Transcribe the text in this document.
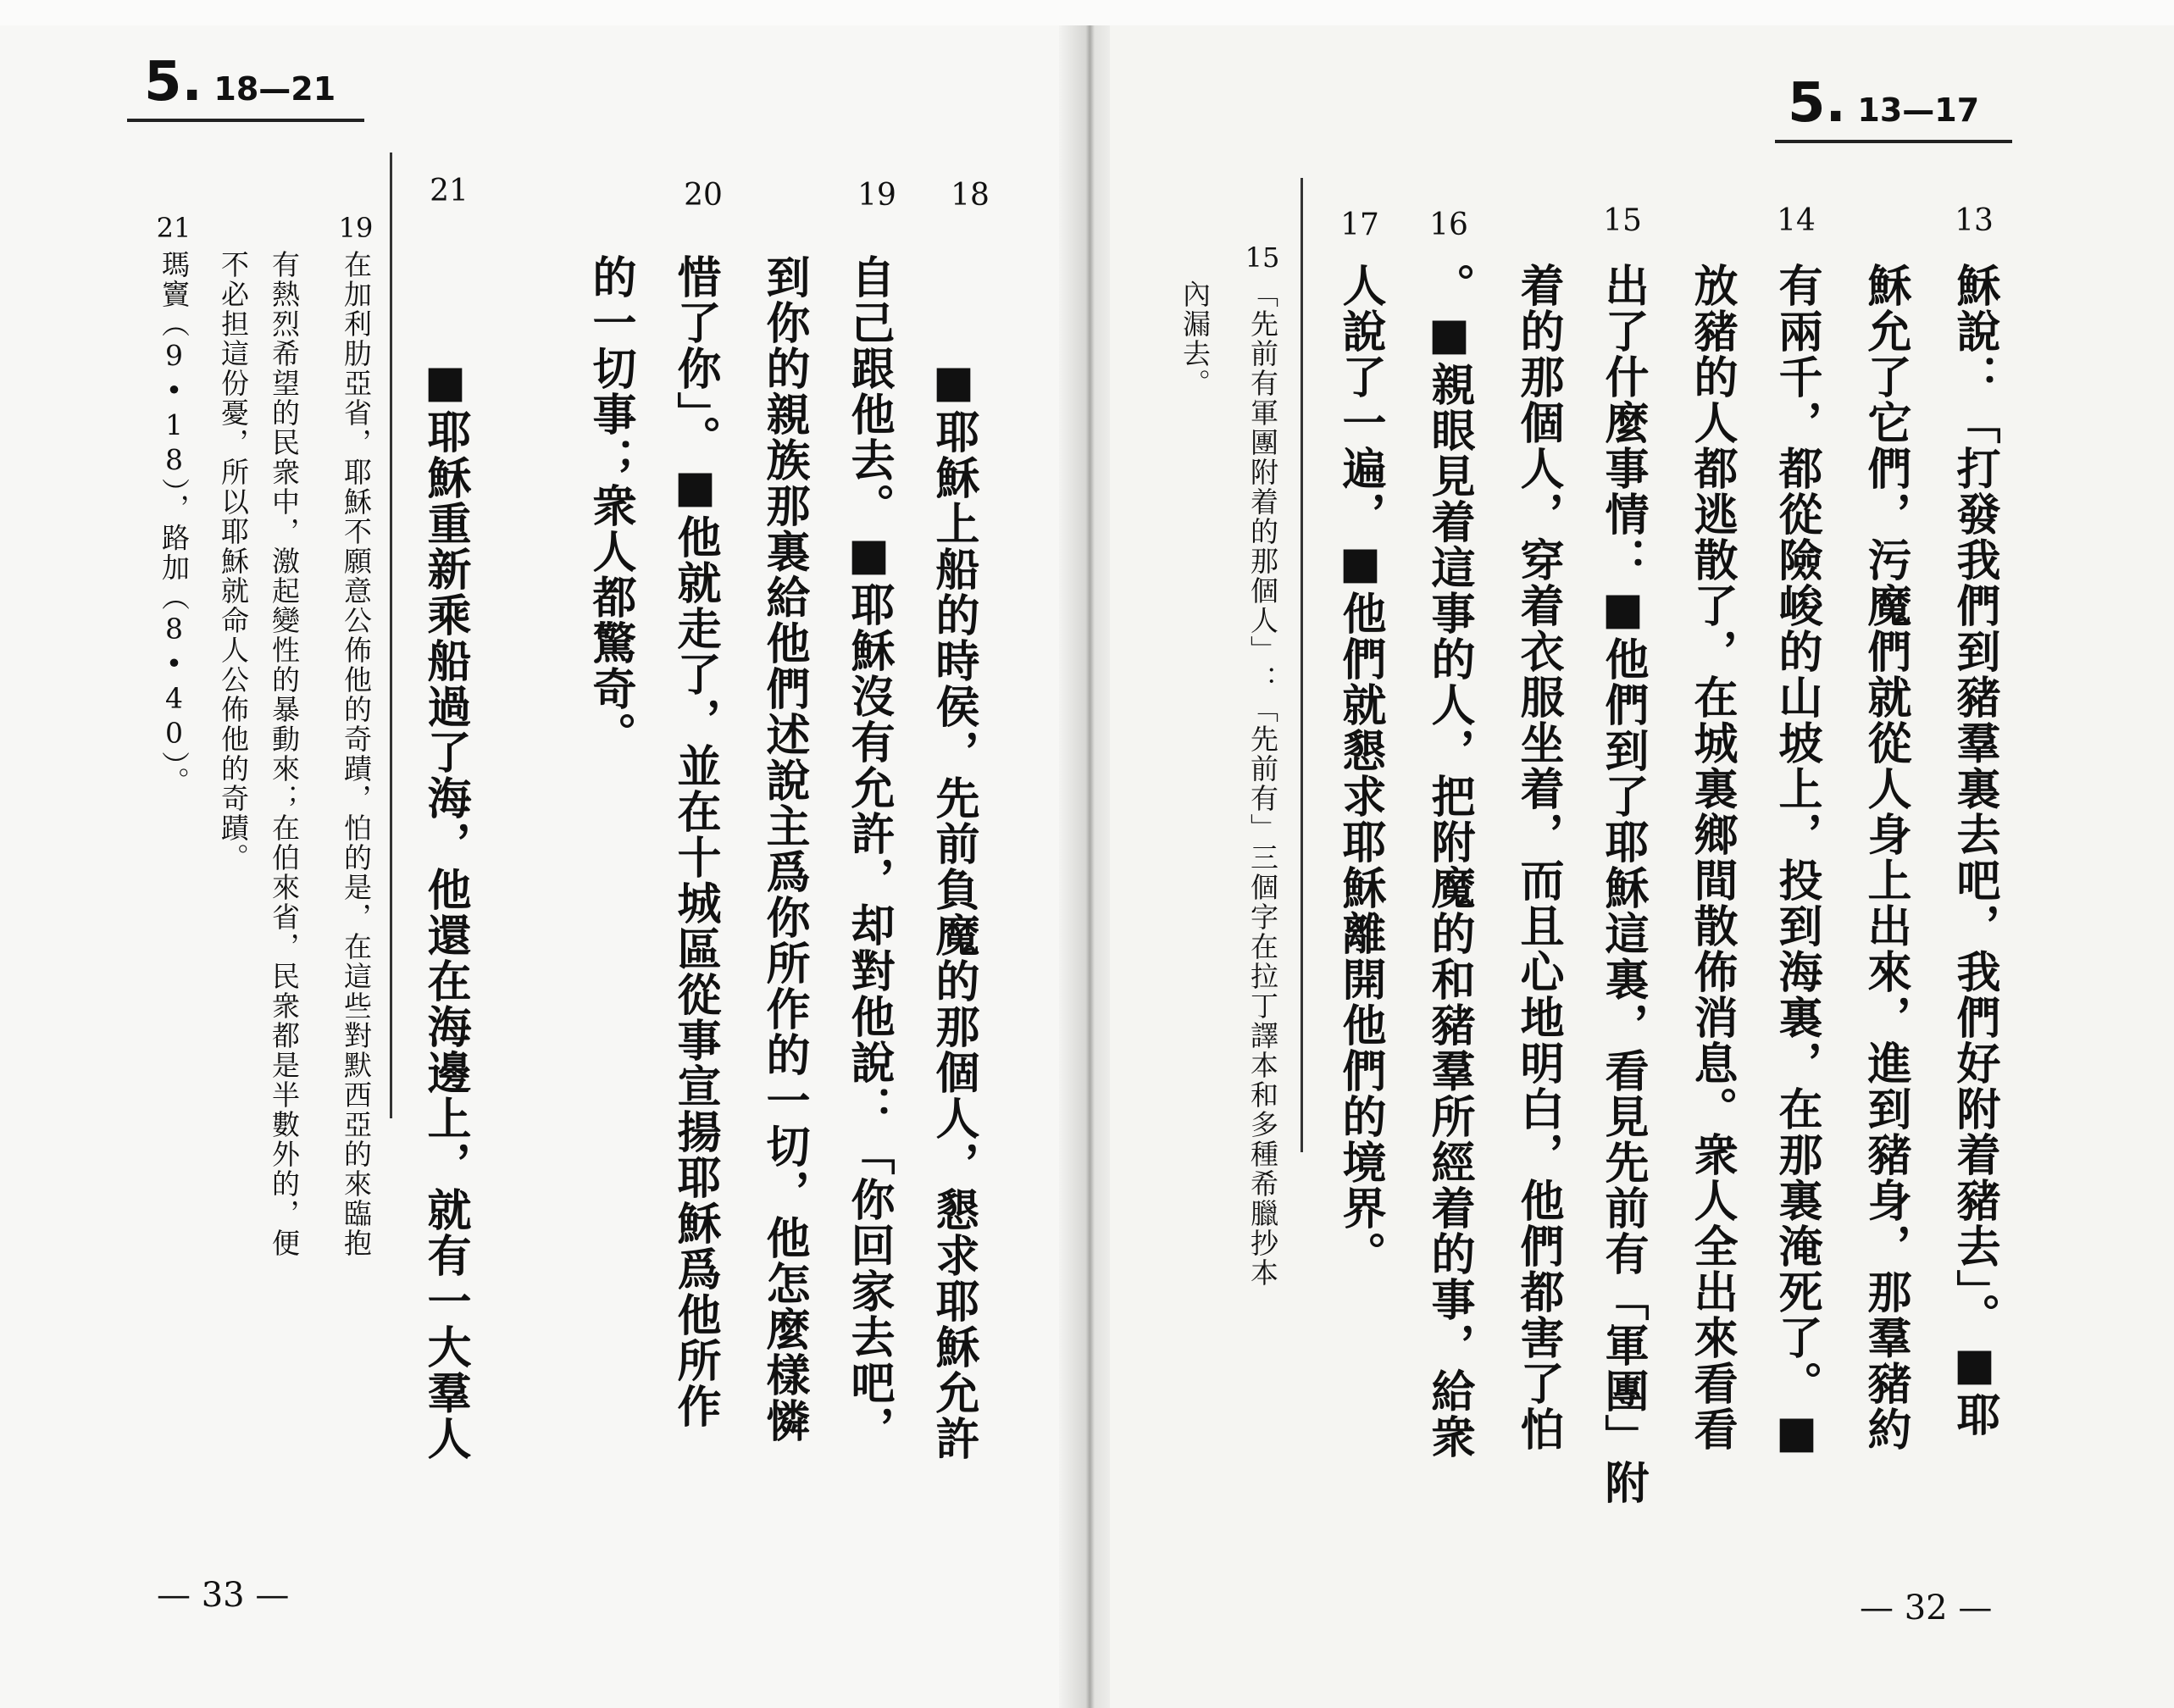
5. 18—21
18
19
20
21
■耶穌上船的時侯，先前負魔的那個人，懇求耶穌允許
自己跟他去。■耶穌沒有允許，却對他說：「你回家去吧，
到你的親族那裏給他們述說主爲你所作的一切，他怎麼樣憐
惜了你」。■他就走了，並在十城區從事宣揚耶穌爲他所作
的一切事；衆人都驚奇。
■耶穌重新乘船過了海，他還在海邊上，就有一大羣人
19
在加利肋亞省，耶穌不願意公佈他的奇蹟，怕的是，在這些對默西亞的來臨抱
有熱烈希望的民衆中，激起變性的暴動來；在伯來省，民衆都是半數外的，便
不必担這份憂，所以耶穌就命人公佈他的奇蹟。
21
瑪竇（9•18），路加（8•40）。
— 33 —
5. 13—17
13
14
15
16
17
穌說：「打發我們到豬羣裏去吧，我們好附着豬去」。■耶
穌允了它們，污魔們就從人身上出來，進到豬身，那羣豬約
有兩千，都從險峻的山坡上，投到海裏，在那裏淹死了。■
放豬的人都逃散了，在城裏鄉間散佈消息。衆人全出來看看
出了什麼事情：■他們到了耶穌這裏，看見先前有「軍團」附
着的那個人，穿着衣服坐着，而且心地明白，他們都害了怕
。■親眼見着這事的人，把附魔的和豬羣所經着的事，給衆
人說了一遍，■他們就懇求耶穌離開他們的境界。
15
「先前有軍團附着的那個人」：「先前有」三個字在拉丁譯本和多種希臘抄本
內漏去。
— 32 —
